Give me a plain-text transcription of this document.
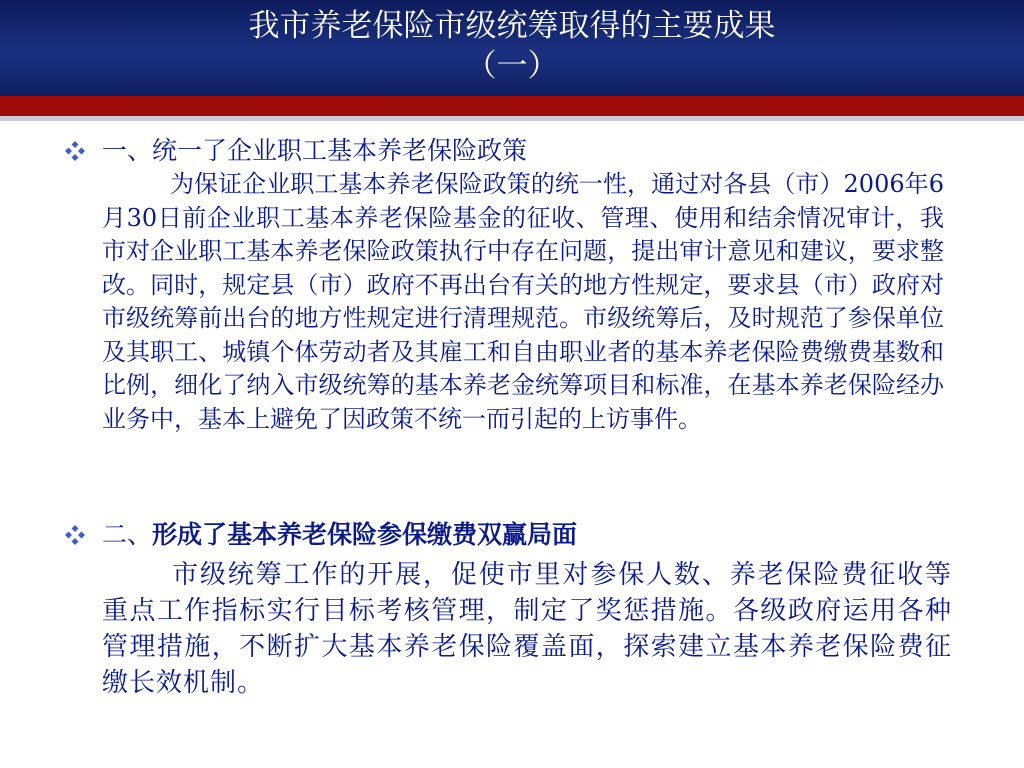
我市养老保险市级统筹取得的主要成果
（一）
一、统一了企业职工基本养老保险政策

为保证企业职工基本养老保险政策的统一性，通过对各县（市）2006年6月30日前企业职工基本养老保险基金的征收、管理、使用和结余情况审计，我市对企业职工基本养老保险政策执行中存在问题，提出审计意见和建议，要求整改。同时，规定县（市）政府不再出台有关的地方性规定，要求县（市）政府对市级统筹前出台的地方性规定进行清理规范。市级统筹后，及时规范了参保单位及其职工、城镇个体劳动者及其雇工和自由职业者的基本养老保险费缴费基数和比例，细化了纳入市级统筹的基本养老金统筹项目和标准，在基本养老保险经办业务中，基本上避免了因政策不统一而引起的上访事件。

二、形成了基本养老保险参保缴费双赢局面

市级统筹工作的开展，促使市里对参保人数、养老保险费征收等重点工作指标实行目标考核管理，制定了奖惩措施。各级政府运用各种管理措施，不断扩大基本养老保险覆盖面，探索建立基本养老保险费征缴长效机制。
